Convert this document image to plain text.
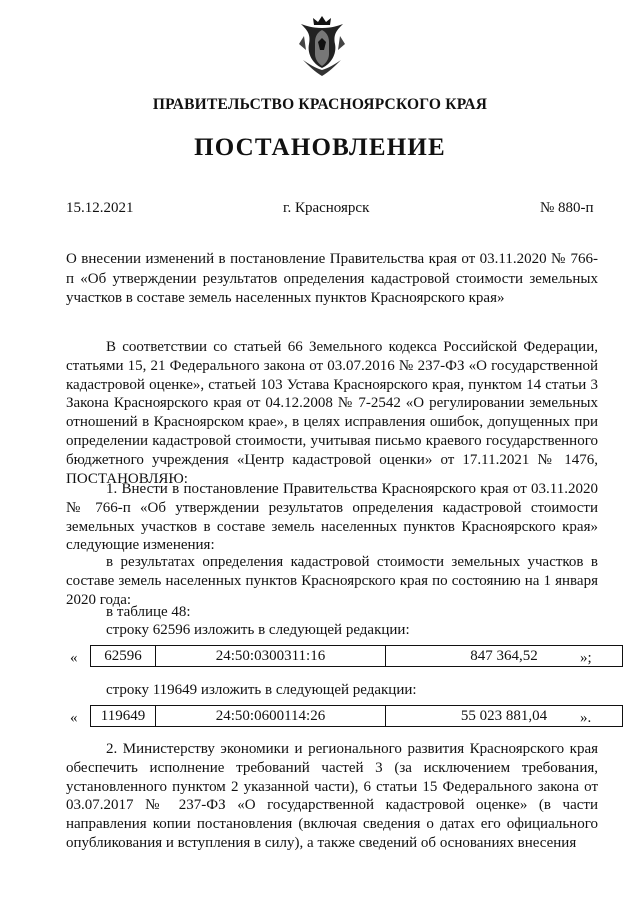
ПРАВИТЕЛЬСТВО КРАСНОЯРСКОГО КРАЯ
ПОСТАНОВЛЕНИЕ
15.12.2021	г. Красноярск	№ 880-п
О внесении изменений в постановление Правительства края от 03.11.2020 № 766-п «Об утверждении результатов определения кадастровой стоимости земельных участков в составе земель населенных пунктов Красноярского края»
В соответствии со статьей 66 Земельного кодекса Российской Федерации, статьями 15, 21 Федерального закона от 03.07.2016 № 237-ФЗ «О государственной кадастровой оценке», статьей 103 Устава Красноярского края, пунктом 14 статьи 3 Закона Красноярского края от 04.12.2008 № 7-2542 «О регулировании земельных отношений в Красноярском крае», в целях исправления ошибок, допущенных при определении кадастровой стоимости, учитывая письмо краевого государственного бюджетного учреждения «Центр кадастровой оценки» от 17.11.2021 № 1476, ПОСТАНОВЛЯЮ:
1. Внести в постановление Правительства Красноярского края от 03.11.2020 № 766-п «Об утверждении результатов определения кадастровой стоимости земельных участков в составе земель населенных пунктов Красноярского края» следующие изменения:
в результатах определения кадастровой стоимости земельных участков в составе земель населенных пунктов Красноярского края по состоянию на 1 января 2020 года:
в таблице 48:
строку 62596 изложить в следующей редакции:
« 62596	24:50:0300311:16	847 364,52	»;
строку 119649 изложить в следующей редакции:
« 119649	24:50:0600114:26	55 023 881,04 ».
2. Министерству экономики и регионального развития Красноярского края обеспечить исполнение требований частей 3 (за исключением требования, установленного пунктом 2 указанной части), 6 статьи 15 Федерального закона от 03.07.2017 № 237-ФЗ «О государственной кадастровой оценке» (в части направления копии постановления (включая сведения о датах его официального опубликования и вступления в силу), а также сведений об основаниях внесения
